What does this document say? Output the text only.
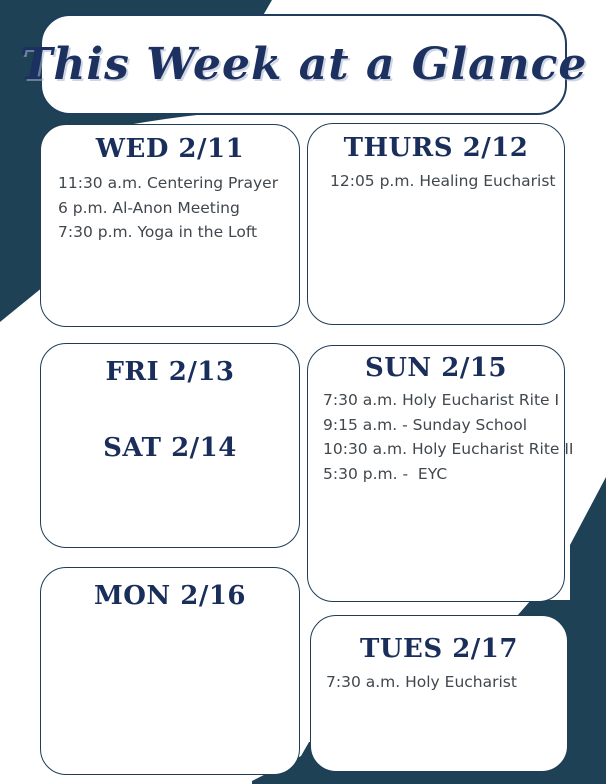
This Week at a Glance
WED 2/11
11:30 a.m. Centering Prayer
6 p.m. Al-Anon Meeting
7:30 p.m. Yoga in the Loft
THURS 2/12
12:05 p.m. Healing Eucharist
FRI 2/13
SAT 2/14
SUN 2/15
7:30 a.m. Holy Eucharist Rite I
9:15 a.m. - Sunday School
10:30 a.m. Holy Eucharist Rite II
5:30 p.m. -  EYC
MON 2/16
TUES 2/17
7:30 a.m. Holy Eucharist
